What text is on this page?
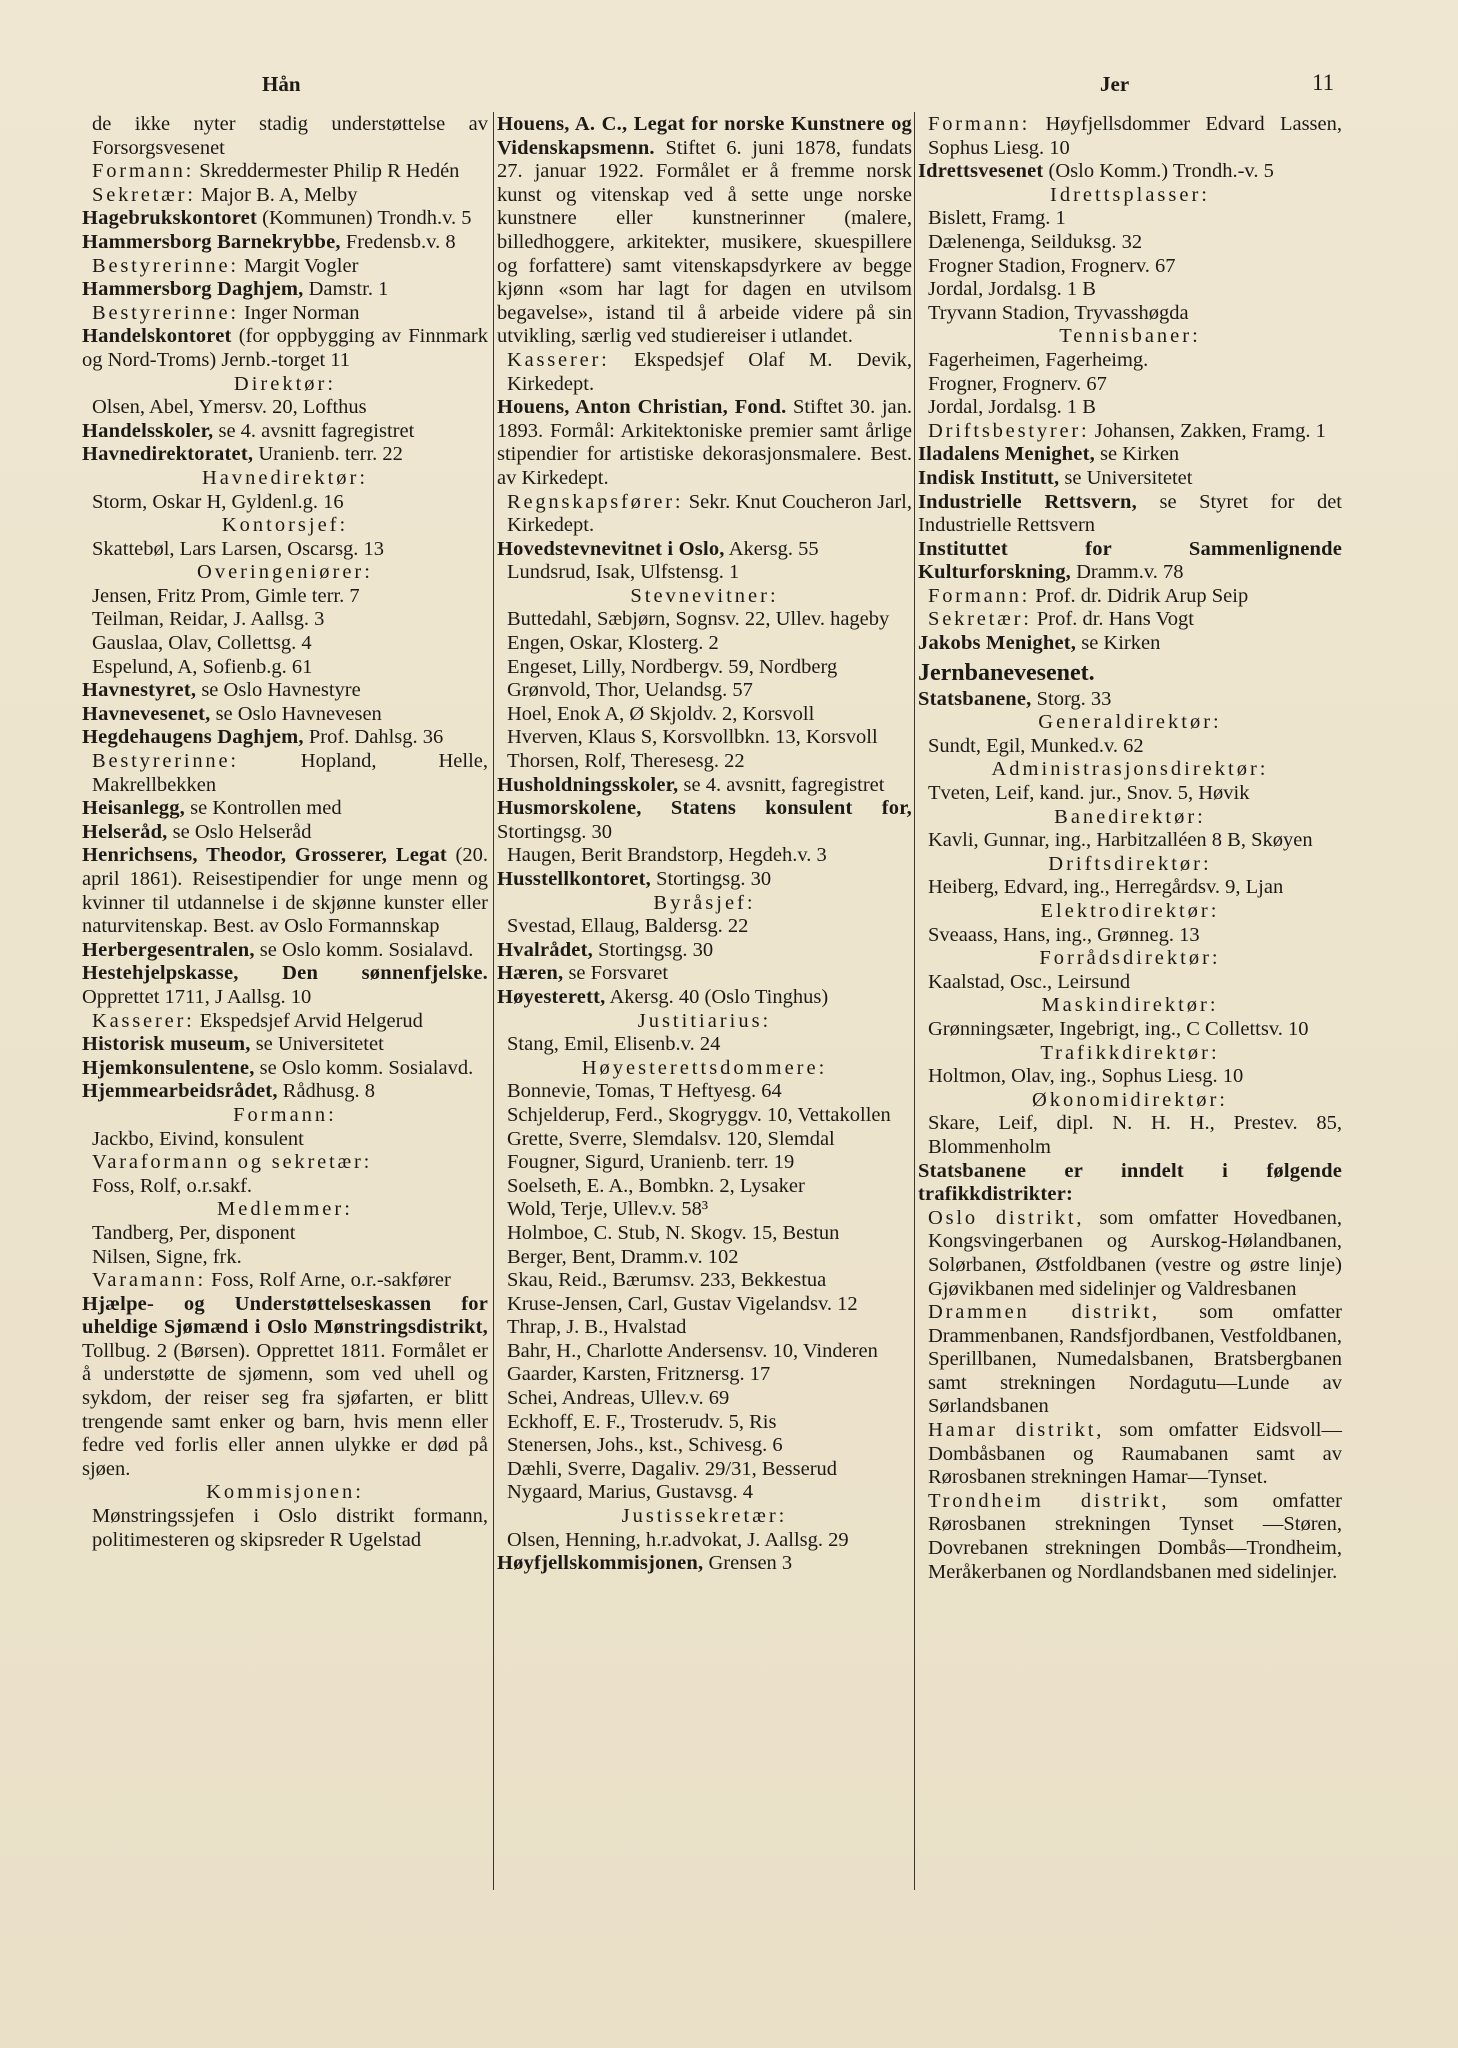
Hån	Jer	11
de ikke nyter stadig understøttelse av Forsorgsvesenet
Formann: Skreddermester Philip R Hedén
Sekretær: Major B. A, Melby
Hagebrukskontoret (Kommunen) Trondh.v. 5
Hammersborg Barnekrybbe, Fredensb.v. 8
Bestyrerinne: Margit Vogler
Hammersborg Daghjem, Damstr. 1
Bestyrerinne: Inger Norman
Handelskontoret (for oppbygging av Finnmark og Nord-Troms) Jernb.-torget 11
Direktør:
Olsen, Abel, Ymersv. 20, Lofthus
Handelsskoler, se 4. avsnitt fagregistret
Havnedirektoratet, Uranienb. terr. 22
Havnedirektør:
Storm, Oskar H, Gyldenl.g. 16
Kontorsjef:
Skattebøl, Lars Larsen, Oscarsg. 13
Overingeniører:
Jensen, Fritz Prom, Gimle terr. 7
Teilman, Reidar, J. Aallsg. 3
Gauslaa, Olav, Collettsg. 4
Espelund, A, Sofienb.g. 61
Havnestyret, se Oslo Havnestyre
Havnevesenet, se Oslo Havnevesen
Hegdehaugens Daghjem, Prof. Dahlsg. 36
Bestyrerinne: Hopland, Helle, Makrellbekken
Heisanlegg, se Kontrollen med
Helseråd, se Oslo Helseråd
Henrichsens, Theodor, Grosserer, Legat (20. april 1861). Reisestipendier for unge menn og kvinner til utdannelse i de skjønne kunster eller naturvitenskap. Best. av Oslo Formannskap
Herbergesentralen, se Oslo komm. Sosialavd.
Hestehjelpskasse, Den sønnenfjelske. Opprettet 1711, J Aallsg. 10
Kasserer: Ekspedsjef Arvid Helgerud
Historisk museum, se Universitetet
Hjemkonsulentene, se Oslo komm. Sosialavd.
Hjemmearbeidsrådet, Rådhusg. 8
Formann:
Jackbo, Eivind, konsulent
Varaformann og sekretær:
Foss, Rolf, o.r.sakf.
Medlemmer:
Tandberg, Per, disponent
Nilsen, Signe, frk.
Varamann: Foss, Rolf Arne, o.r.-sakfører
Hjælpe- og Understøttelseskassen for uheldige Sjømænd i Oslo Mønstringsdistrikt, Tollbug. 2 (Børsen). Opprettet 1811. Formålet er å understøtte de sjømenn, som ved uhell og sykdom, der reiser seg fra sjøfarten, er blitt trengende samt enker og barn, hvis menn eller fedre ved forlis eller annen ulykke er død på sjøen.
Kommisjonen:
Mønstringssjefen i Oslo distrikt formann, politimesteren og skipsreder R Ugelstad
Houens, A. C., Legat for norske Kunstnere og Videnskapsmenn. Stiftet 6. juni 1878, fundats 27. januar 1922. Formålet er å fremme norsk kunst og vitenskap ved å sette unge norske kunstnere eller kunstnerinner (malere, billedhoggere, arkitekter, musikere, skuespillere og forfattere) samt vitenskapsdyrkere av begge kjønn «som har lagt for dagen en utvilsom begavelse», istand til å arbeide videre på sin utvikling, særlig ved studiereiser i utlandet.
Kasserer: Ekspedsjef Olaf M. Devik, Kirkedept.
Houens, Anton Christian, Fond. Stiftet 30. jan. 1893. Formål: Arkitektoniske premier samt årlige stipendier for artistiske dekorasjonsmalere. Best. av Kirkedept.
Regnskapsfører: Sekr. Knut Coucheron Jarl, Kirkedept.
Hovedstevnevitnet i Oslo, Akersg. 55
Lundsrud, Isak, Ulfstensg. 1
Stevnevitner:
Buttedahl, Sæbjørn, Sognsv. 22, Ullev. hageby
Engen, Oskar, Klosterg. 2
Engeset, Lilly, Nordbergv. 59, Nordberg
Grønvold, Thor, Uelandsg. 57
Hoel, Enok A, Ø Skjoldv. 2, Korsvoll
Hverven, Klaus S, Korsvollbkn. 13, Korsvoll
Thorsen, Rolf, Theresesg. 22
Husholdningsskoler, se 4. avsnitt, fagregistret
Husmorskolene, Statens konsulent for, Stortingsg. 30
Haugen, Berit Brandstorp, Hegdeh.v. 3
Husstellkontoret, Stortingsg. 30
Byråsjef:
Svestad, Ellaug, Baldersg. 22
Hvalrådet, Stortingsg. 30
Hæren, se Forsvaret
Høyesterett, Akersg. 40 (Oslo Tinghus)
Justitiarius:
Stang, Emil, Elisenb.v. 24
Høyesterettsdommere:
Bonnevie, Tomas, T Heftyesg. 64
Schjelderup, Ferd., Skogryggv. 10, Vettakollen
Grette, Sverre, Slemdalsv. 120, Slemdal
Fougner, Sigurd, Uranienb. terr. 19
Soelseth, E. A., Bombkn. 2, Lysaker
Wold, Terje, Ullev.v. 58³
Holmboe, C. Stub, N. Skogv. 15, Bestun
Berger, Bent, Dramm.v. 102
Skau, Reid., Bærumsv. 233, Bekkestua
Kruse-Jensen, Carl, Gustav Vigelandsv. 12
Thrap, J. B., Hvalstad
Bahr, H., Charlotte Andersensv. 10, Vinderen
Gaarder, Karsten, Fritznersg. 17
Schei, Andreas, Ullev.v. 69
Eckhoff, E. F., Trosterudv. 5, Ris
Stenersen, Johs., kst., Schivesg. 6
Dæhli, Sverre, Dagaliv. 29/31, Besserud
Nygaard, Marius, Gustavsg. 4
Justissekretær:
Olsen, Henning, h.r.advokat, J. Aallsg. 29
Høyfjellskommisjonen, Grensen 3
Formann: Høyfjellsdommer Edvard Lassen, Sophus Liesg. 10
Idrettsvesenet (Oslo Komm.) Trondh.-v. 5
Idrettsplasser:
Bislett, Framg. 1
Dælenenga, Seilduksg. 32
Frogner Stadion, Frognerv. 67
Jordal, Jordalsg. 1 B
Tryvann Stadion, Tryvasshøgda
Tennisbaner:
Fagerheimen, Fagerheimg.
Frogner, Frognerv. 67
Jordal, Jordalsg. 1 B
Driftsbestyrer: Johansen, Zakken, Framg. 1
Iladalens Menighet, se Kirken
Indisk Institutt, se Universitetet
Industrielle Rettsvern, se Styret for det Industrielle Rettsvern
Instituttet for Sammenlignende Kulturforskning, Dramm.v. 78
Formann: Prof. dr. Didrik Arup Seip
Sekretær: Prof. dr. Hans Vogt
Jakobs Menighet, se Kirken
Jernbanevesenet.
Statsbanene, Storg. 33
Generaldirektør:
Sundt, Egil, Munked.v. 62
Administrasjonsdirektør:
Tveten, Leif, kand. jur., Snov. 5, Høvik
Banedirektør:
Kavli, Gunnar, ing., Harbitzalléen 8 B, Skøyen
Driftsdirektør:
Heiberg, Edvard, ing., Herregårdsv. 9, Ljan
Elektrodirektør:
Sveaass, Hans, ing., Grønneg. 13
Forrådsdirektør:
Kaalstad, Osc., Leirsund
Maskindirektør:
Grønningsæter, Ingebrigt, ing., C Collettsv. 10
Trafikkdirektør:
Holtmon, Olav, ing., Sophus Liesg. 10
Økonomidirektør:
Skare, Leif, dipl. N. H. H., Prestev. 85, Blommenholm
Statsbanene er inndelt i følgende trafikkdistrikter:
Oslo distrikt, som omfatter Hovedbanen, Kongsvingerbanen og Aurskog-Hølandbanen, Solørbanen, Østfoldbanen (vestre og østre linje) Gjøvikbanen med sidelinjer og Valdresbanen
Drammen distrikt, som omfatter Drammenbanen, Randsfjordbanen, Vestfoldbanen, Sperillbanen, Numedalsbanen, Bratsbergbanen samt strekningen Nordagutu—Lunde av Sørlandsbanen
Hamar distrikt, som omfatter Eidsvoll—Dombåsbanen og Raumabanen samt av Rørosbanen strekningen Hamar—Tynset.
Trondheim distrikt, som omfatter Rørosbanen strekningen Tynset —Støren, Dovrebanen strekningen Dombås—Trondheim, Meråkerbanen og Nordlandsbanen med sidelinjer.
